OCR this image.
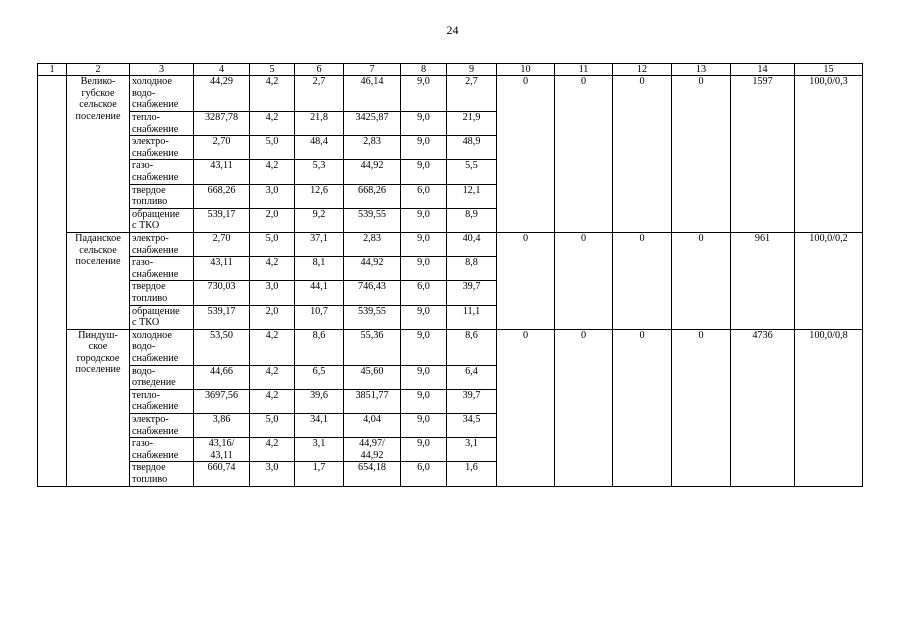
24
1	2	3	4	5	6	7	8	9	10	11	12	13	14	15
	Велико-
губское
сельское
поселение	холодное
водо-
снабжение	44,29	4,2	2,7	46,14	9,0	2,7	0	0	0	0	1597	100,0/0,3
		тепло-
снабжение	3287,78	4,2	21,8	3425,87	9,0	21,9						
		электро-
снабжение	2,70	5,0	48,4	2,83	9,0	48,9						
		газо-
снабжение	43,11	4,2	5,3	44,92	9,0	5,5						
		твердое
топливо	668,26	3,0	12,6	668,26	6,0	12,1						
		обращение
с ТКО	539,17	2,0	9,2	539,55	9,0	8,9						
	Паданское
сельское
поселение	электро-
снабжение	2,70	5,0	37,1	2,83	9,0	40,4	0	0	0	0	961	100,0/0,2
		газо-
снабжение	43,11	4,2	8,1	44,92	9,0	8,8						
		твердое
топливо	730,03	3,0	44,1	746,43	6,0	39,7						
		обращение
с ТКО	539,17	2,0	10,7	539,55	9,0	11,1						
	Пиндуш-
ское
городское
поселение	холодное
водо-
снабжение	53,50	4,2	8,6	55,36	9,0	8,6	0	0	0	0	4736	100,0/0,8
		водо-
отведение	44,66	4,2	6,5	45,60	9,0	6,4						
		тепло-
снабжение	3697,56	4,2	39,6	3851,77	9,0	39,7						
		электро-
снабжение	3,86	5,0	34,1	4,04	9,0	34,5						
		газо-
снабжение	43,16/
43,11	4,2	3,1	44,97/
44,92	9,0	3,1						
		твердое
топливо	660,74	3,0	1,7	654,18	6,0	1,6						
